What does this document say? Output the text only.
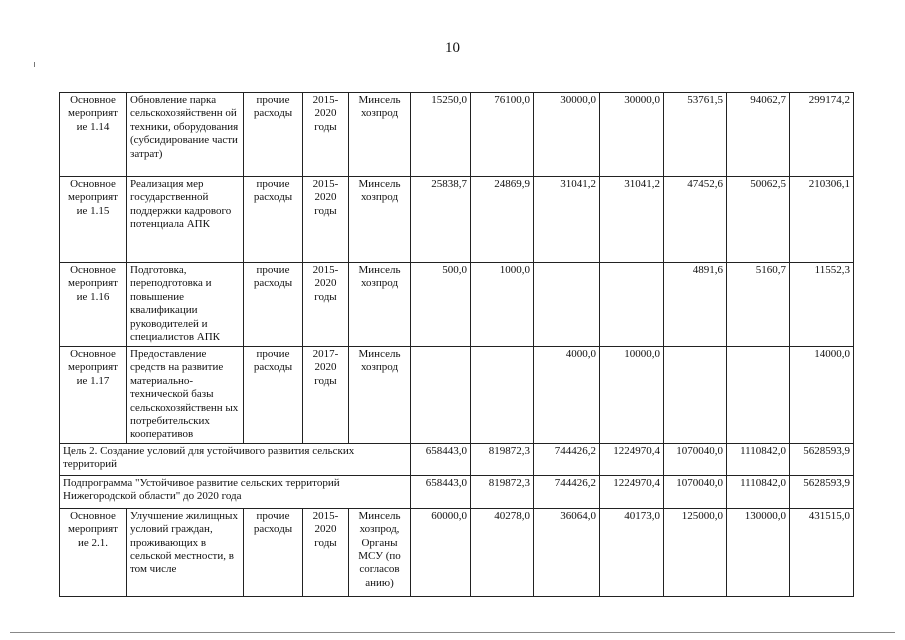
10
Основное мероприят ие 1.14	Обновление парка сельскохозяйственн ой техники, оборудования (субсидирование части затрат)	прочие расходы	2015-2020 годы	Минсель хозпрод	15250,0	76100,0	30000,0	30000,0	53761,5	94062,7	299174,2
Основное мероприят ие 1.15	Реализация мер государственной поддержки кадрового потенциала АПК	прочие расходы	2015-2020 годы	Минсель хозпрод	25838,7	24869,9	31041,2	31041,2	47452,6	50062,5	210306,1
Основное мероприят ие 1.16	Подготовка, переподготовка и повышение квалификации руководителей и специалистов АПК	прочие расходы	2015-2020 годы	Минсель хозпрод	500,0	1000,0			4891,6	5160,7	11552,3
Основное мероприят ие 1.17	Предоставление средств на развитие материально-технической базы сельскохозяйственн ых потребительских кооперативов	прочие расходы	2017-2020 годы	Минсель хозпрод			4000,0	10000,0			14000,0
Цель 2. Создание условий для устойчивого развития сельских территорий					658443,0	819872,3	744426,2	1224970,4	1070040,0	1110842,0	5628593,9
Подпрограмма "Устойчивое развитие сельских территорий Нижегородской области" до 2020 года					658443,0	819872,3	744426,2	1224970,4	1070040,0	1110842,0	5628593,9
Основное мероприят ие 2.1.	Улучшение жилищных условий граждан, проживающих в сельской местности, в том числе	прочие расходы	2015-2020 годы	Минсель хозпрод, Органы МСУ (по согласов анию)	60000,0	40278,0	36064,0	40173,0	125000,0	130000,0	431515,0
